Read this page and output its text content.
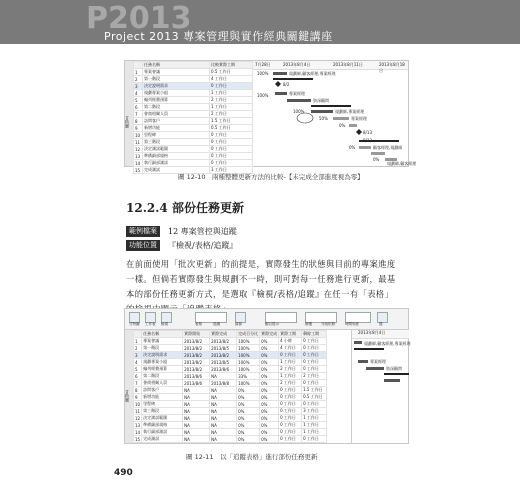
P2013
Project 2013 專案管理與實作經典關鍵講座
甘特圖
	任務名稱	比較實際工期
1	專案會議	0.5 工作日
2	第一階段	4 工作日
3	決定說明需求	0 工作日
4	規劃專案小組	1 工作日
5	編列經費預算	2 工作日
6	第二階段	1 工作日
7	會商相關人員	2 工作日
8	訪問客戶	1.5 工作日
9	新增功能	0.5 工作日
10	里程碑	0 工作日
11	第三階段	0 工作日
12	決定測試範圍	0 工作日
13	準備細部規格	0 工作日
14	執行細部測試	0 工作日
15	完成測試	1 工作日
7月28日	2013年8月4日	2013年8月11日	2013年8月18日
100%	規劃師,顧客經理,專案經理
8/2
100%	專案經理
資深顧問
100%	規劃師,專案經理
50%	專案經理
0%
8/13
8/12
0%	顧客經理,規劃師
0%
規劃師,顧客經理
圖 12-10　兩種整體更新方法的比較-【未完成全部進度視為零】
12.2.4 部份任務更新
範例檔案	12 專案管控與追蹤
功能位置	『檢視/表格/追蹤』
在前面使用「批次更新」的前提是，實際發生的狀態與目前的專案進度一樣。但倘若實際發生與規劃不一時，則可對每一任務進行更新，最基本的部份任務更新方式，是選取『檢視/表格/追蹤』在任一有「表格」
甘特圖 工作表 檢視	表格	追蹤	資源	醒目提示	篩選	分組依據	時間刻度	週
甘特圖
	任務名稱	實際開始	實際完成	完成百分比	實際完成	實際工期	剩餘工期
1	專案會議	2013/8/2	2013/8/2	100%	0%	4 小時	0 工作日
2	第一階段	2013/8/2	2013/8/5	100%	0%	4 工作日	0 工作日
3	決定說明需求	2013/8/2	2013/8/2	100%	0%	0 工作日	0 工作日
4	規劃專案小組	2013/8/2	2013/8/5	100%	0%	1 工作日	0 工作日
5	編列經費預算	2013/8/2	2013/8/6	100%	0%	2 工作日	0 工作日
6	第二階段	2013/8/6	NA	33%	0%	1 工作日	2 工作日
7	會商相關人員	2013/8/6	2013/8/8	100%	0%	2 工作日	0 工作日
8	訪問客戶	NA	NA	0%	0%	0 工作日	1.5 工作日
9	新增功能	NA	NA	0%	0%	0 工作日	0.5 工作日
10	里程碑	NA	NA	0%	0%	0 工作日	0 工作日
11	第三階段	NA	NA	0%	0%	0 工作日	3 工作日
12	決定測試範圍	NA	NA	0%	0%	0 工作日	1 工作日
13	準備細部規格	NA	NA	0%	0%	0 工作日	1 工作日
14	執行細部測試	NA	NA	0%	0%	0 工作日	1 工作日
15	完成測試	NA	NA	0%	0%	0 工作日	0 工作日
2013年8月4日
規劃師,顧客經理,專案經理
專案經理
資深顧問
圖 12-11　以「追蹤表格」進行部份任務更新
490
